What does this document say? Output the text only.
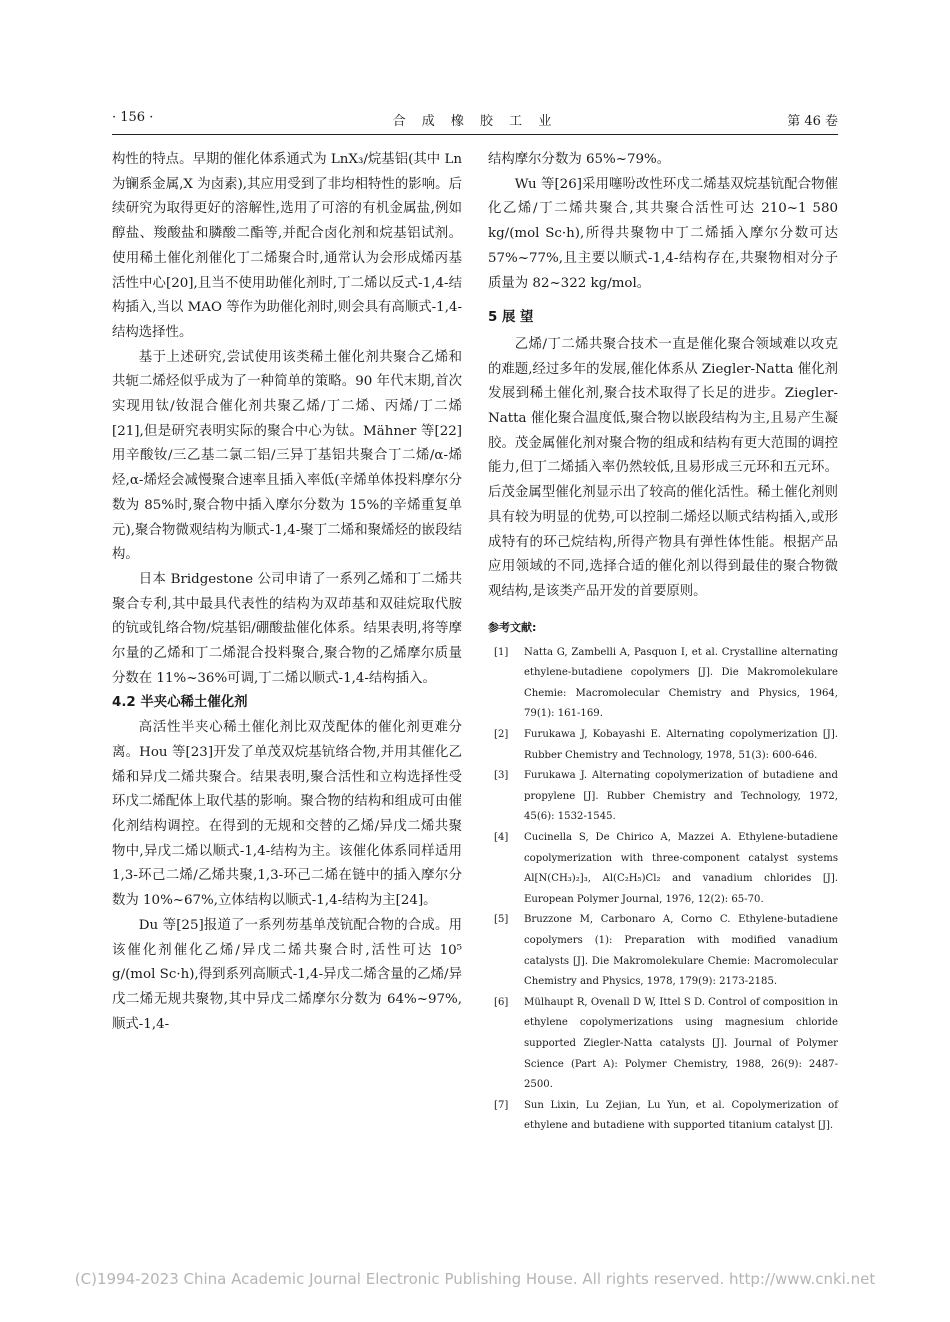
· 156 ·	合 成 橡 胶 工 业	第 46 卷

构性的特点。早期的催化体系通式为 LnX₃/烷基铝(其中 Ln 为镧系金属,X 为卤素),其应用受到了非均相特性的影响。后续研究为取得更好的溶解性,选用了可溶的有机金属盐,例如醇盐、羧酸盐和膦酸二酯等,并配合卤化剂和烷基铝试剂。使用稀土催化剂催化丁二烯聚合时,通常认为会形成烯丙基活性中心[20],且当不使用助催化剂时,丁二烯以反式-1,4-结构插入,当以 MAO 等作为助催化剂时,则会具有高顺式-1,4-结构选择性。

基于上述研究,尝试使用该类稀土催化剂共聚合乙烯和共轭二烯烃似乎成为了一种简单的策略。90 年代末期,首次实现用钛/钕混合催化剂共聚乙烯/丁二烯、丙烯/丁二烯[21],但是研究表明实际的聚合中心为钛。Mähner 等[22]用辛酸钕/三乙基二氯二铝/三异丁基铝共聚合丁二烯/α-烯烃,α-烯烃会减慢聚合速率且插入率低(辛烯单体投料摩尔分数为 85%时,聚合物中插入摩尔分数为 15%的辛烯重复单元),聚合物微观结构为顺式-1,4-聚丁二烯和聚烯烃的嵌段结构。

日本 Bridgestone 公司申请了一系列乙烯和丁二烯共聚合专利,其中最具代表性的结构为双茚基和双硅烷取代胺的钪或钆络合物/烷基铝/硼酸盐催化体系。结果表明,将等摩尔量的乙烯和丁二烯混合投料聚合,聚合物的乙烯摩尔质量分数在 11%~36%可调,丁二烯以顺式-1,4-结构插入。

4.2 半夹心稀土催化剂

高活性半夹心稀土催化剂比双茂配体的催化剂更难分离。Hou 等[23]开发了单茂双烷基钪络合物,并用其催化乙烯和异戊二烯共聚合。结果表明,聚合活性和立构选择性受环戊二烯配体上取代基的影响。聚合物的结构和组成可由催化剂结构调控。在得到的无规和交替的乙烯/异戊二烯共聚物中,异戊二烯以顺式-1,4-结构为主。该催化体系同样适用 1,3-环己二烯/乙烯共聚,1,3-环己二烯在链中的插入摩尔分数为 10%~67%,立体结构以顺式-1,4-结构为主[24]。

Du 等[25]报道了一系列芴基单茂钪配合物的合成。用该催化剂催化乙烯/异戊二烯共聚合时,活性可达 10⁵ g/(mol Sc·h),得到系列高顺式-1,4-异戊二烯含量的乙烯/异戊二烯无规共聚物,其中异戊二烯摩尔分数为 64%~97%,顺式-1,4-

结构摩尔分数为 65%~79%。

Wu 等[26]采用噻吩改性环戊二烯基双烷基钪配合物催化乙烯/丁二烯共聚合,其共聚合活性可达 210~1 580 kg/(mol Sc·h),所得共聚物中丁二烯插入摩尔分数可达 57%~77%,且主要以顺式-1,4-结构存在,共聚物相对分子质量为 82~322 kg/mol。

5 展 望

乙烯/丁二烯共聚合技术一直是催化聚合领域难以攻克的难题,经过多年的发展,催化体系从 Ziegler-Natta 催化剂发展到稀土催化剂,聚合技术取得了长足的进步。Ziegler-Natta 催化聚合温度低,聚合物以嵌段结构为主,且易产生凝胶。茂金属催化剂对聚合物的组成和结构有更大范围的调控能力,但丁二烯插入率仍然较低,且易形成三元环和五元环。后茂金属型催化剂显示出了较高的催化活性。稀土催化剂则具有较为明显的优势,可以控制二烯烃以顺式结构插入,或形成特有的环己烷结构,所得产物具有弹性体性能。根据产品应用领域的不同,选择合适的催化剂以得到最佳的聚合物微观结构,是该类产品开发的首要原则。

参考文献:

[1] Natta G, Zambelli A, Pasquon I, et al. Crystalline alternating ethylene-butadiene copolymers [J]. Die Makromolekulare Chemie: Macromolecular Chemistry and Physics, 1964, 79(1): 161-169.

[2] Furukawa J, Kobayashi E. Alternating copolymerization [J]. Rubber Chemistry and Technology, 1978, 51(3): 600-646.

[3] Furukawa J. Alternating copolymerization of butadiene and propylene [J]. Rubber Chemistry and Technology, 1972, 45(6): 1532-1545.

[4] Cucinella S, De Chirico A, Mazzei A. Ethylene-butadiene copolymerization with three-component catalyst systems Al[N(CH₃)₂]₃, Al(C₂H₅)Cl₂ and vanadium chlorides [J]. European Polymer Journal, 1976, 12(2): 65-70.

[5] Bruzzone M, Carbonaro A, Corno C. Ethylene-butadiene copolymers (1): Preparation with modified vanadium catalysts [J]. Die Makromolekulare Chemie: Macromolecular Chemistry and Physics, 1978, 179(9): 2173-2185.

[6] Mülhaupt R, Ovenall D W, Ittel S D. Control of composition in ethylene copolymerizations using magnesium chloride supported Ziegler-Natta catalysts [J]. Journal of Polymer Science (Part A): Polymer Chemistry, 1988, 26(9): 2487-2500.

[7] Sun Lixin, Lu Zejian, Lu Yun, et al. Copolymerization of ethylene and butadiene with supported titanium catalyst [J].

(C)1994-2023 China Academic Journal Electronic Publishing House. All rights reserved. http://www.cnki.net
